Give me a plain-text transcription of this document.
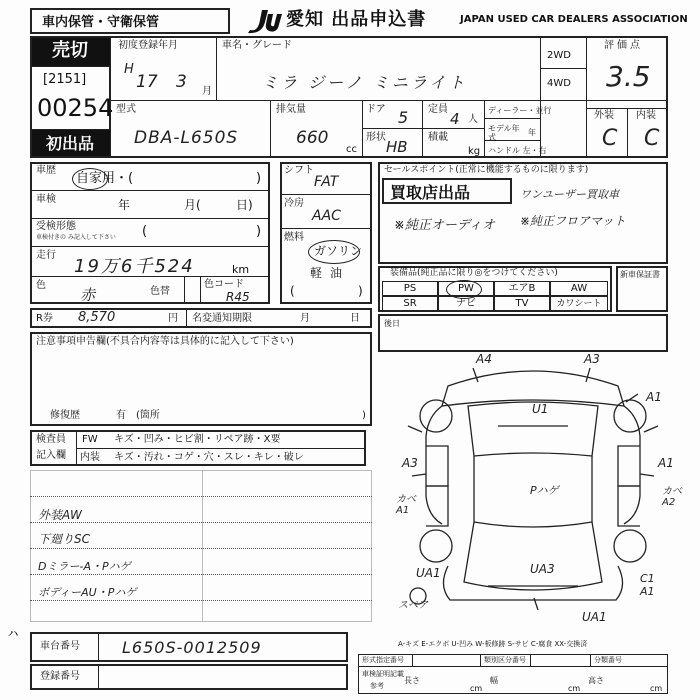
車内保管・守衛保管	愛知 出品申込書	JAPAN USED CAR DEALERS ASSOCIATION
売切
[2151]
00254
初出品
初度登録年月
H
17 3 月
車名・グレード
ミラ ジーノ ミニライト
2WD
4WD
評価点
3.5
外装 内装
C C
型式
DBA-L650S
排気量
660
cc
ドア 5
形状
HB
定員
4 人
積載
kg
ディーラー・並行
モデル年式
年
ハンドル 左・右
車歴
自家用・(	)
車検	年	月(	日)
受検形態
車検付きの み記入して下さい (	)
走行
19万6千524	km
色
赤	色替
色コード
R45
シフト
FAT
冷房
AAC
燃料
ガソリン
軽油
(	)
セールスポイント(正常に機能するものに限ります)
買取店出品	ワンユーザー買取車
※純正オーディオ ※純正フロアマット
装備品(純正品に限り◎をつけてください)
PS	PW	エアB	AW
SR	ナビ	TV	カワシート
新車保証書
R券 8,570	円 名変通知期限	月	日	後日
注意事項申告欄(不具合内容等は具体的に記入して下さい)
修復歴	有 (箇所	)
検査員
記入欄
FW キズ・凹み・ヒビ割・リペア跡・X要
内装 キズ・汚れ・コゲ・穴・スレ・キレ・破レ
外装AW
下廻りSC
Dミラー-A・Pハゲ
ボディーAU・Pハゲ
A4	A3
A1
U1
A3	A1
カベ A1
Pハゲ	カベ A2
UA1	UA3
C1 A1
スペア
UA1
A-キズ E-エクボ U-凹み W-板修跡 S-サビ C-腐食 XX-交換済
車台番号	L650S-0012509
登録番号
ㇵ
形式指定番号	類別区分番号	分類番号
車検証明記載
参考
長さ
cm
幅
cm
高さ
cm
